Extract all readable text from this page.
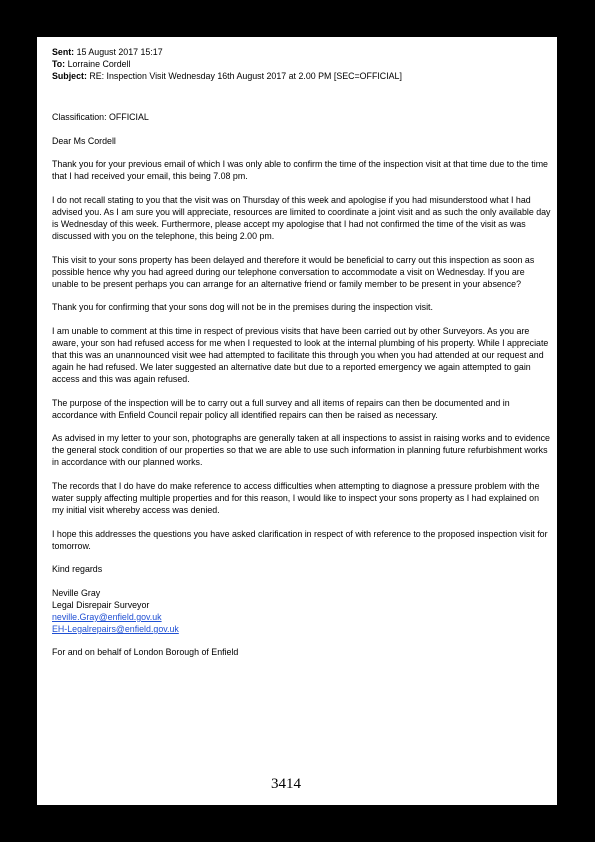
Sent: 15 August 2017 15:17
To: Lorraine Cordell
Subject: RE: Inspection Visit Wednesday 16th August 2017 at 2.00 PM [SEC=OFFICIAL]

Classification: OFFICIAL

Dear Ms Cordell

Thank you for your previous email of which I was only able to confirm the time of the inspection visit at that time due to the time that I had received your email, this being 7.08 pm.

I do not recall stating to you that the visit was on Thursday of this week and apologise if you had misunderstood what I had advised you. As I am sure you will appreciate, resources are limited to coordinate a joint visit and as such the only available day is Wednesday of this week. Furthermore, please accept my apologise that I had not confirmed the time of the visit as was discussed with you on the telephone, this being 2.00 pm.

This visit to your sons property has been delayed and therefore it would be beneficial to carry out this inspection as soon as possible hence why you had agreed during our telephone conversation to accommodate a visit on Wednesday. If you are unable to be present perhaps you can arrange for an alternative friend or family member to be present in your absence?

Thank you for confirming that your sons dog will not be in the premises during the inspection visit.

I am unable to comment at this time in respect of previous visits that have been carried out by other Surveyors. As you are aware, your son had refused access for me when I requested to look at the internal plumbing of his property. While I appreciate that this was an unannounced visit wee had attempted to facilitate this through you when you had attended at our request and again he had refused. We later suggested an alternative date but due to a reported emergency we again attempted to gain access and this was again refused.

The purpose of the inspection will be to carry out a full survey and all items of repairs can then be documented and in accordance with Enfield Council repair policy all identified repairs can then be raised as necessary.

As advised in my letter to your son, photographs are generally taken at all inspections to assist in raising works and to evidence the general stock condition of our properties so that we are able to use such information in planning future refurbishment works in accordance with our planned works.

The records that I do have do make reference to access difficulties when attempting to diagnose a pressure problem with the water supply affecting multiple properties and for this reason, I would like to inspect your sons property as I had explained on my initial visit whereby access was denied.

I hope this addresses the questions you have asked clarification in respect of with reference to the proposed inspection visit for tomorrow.

Kind regards

Neville Gray
Legal Disrepair Surveyor
neville.Gray@enfield.gov.uk
EH-Legalrepairs@enfield.gov.uk
For and on behalf of London Borough of Enfield
3414
